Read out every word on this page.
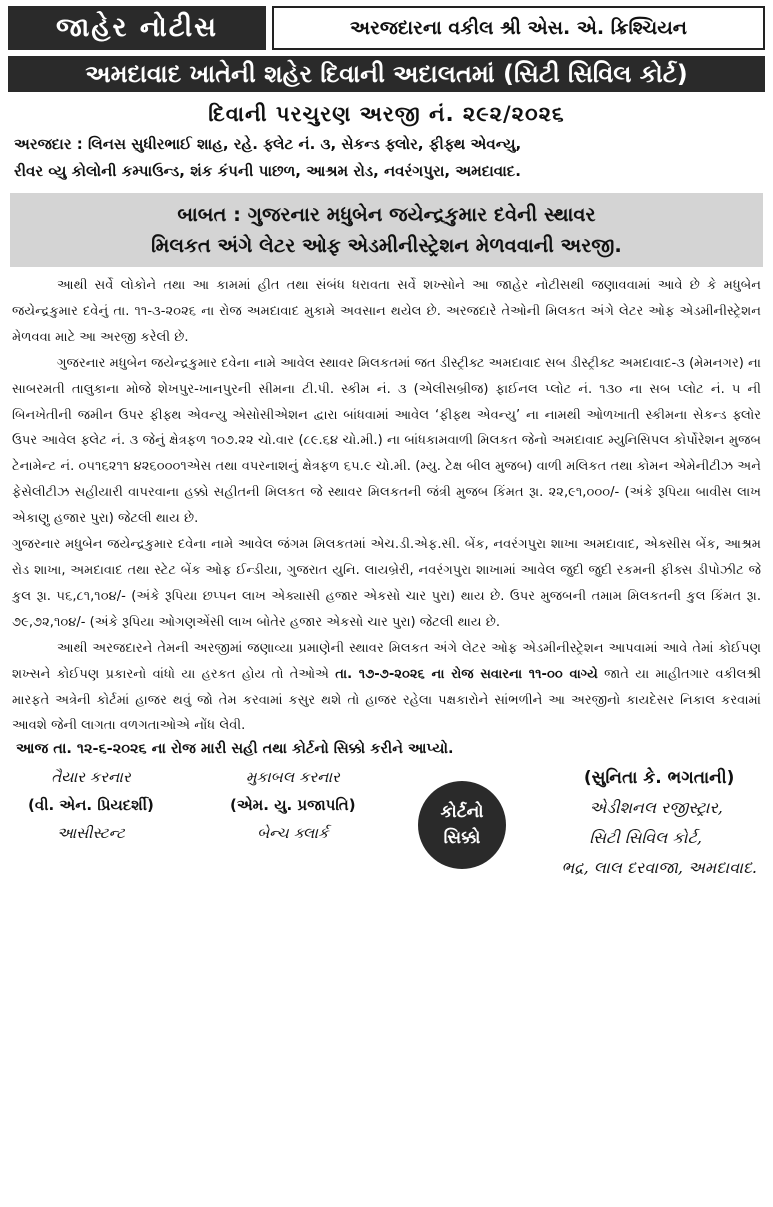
જાહેર નોટીસ	અરજદારના વકીલ શ્રી એસ. એ. ક્રિશ્ચિયન
અમદાવાદ ખાતેની શહેર દિવાની અદાલતમાં (સિટી સિવિલ કોર્ટ)
દિવાની પરચુરણ અરજી નં. ૨૯૨/૨૦૨૬
અરજદાર : લિનસ સુધીરભાઈ શાહ, રહે. ફ્લેટ નં. ૩, સેકન્ડ ફ્લોર, ફીફ્થ એવન્યુ,
રીવર વ્યુ કોલોની કમ્પાઉન્ડ, શંક કંપની પાછળ, આશ્રમ રોડ, નવરંગપુરા, અમદાવાદ.
બાબત : ગુજરનાર મધુબેન જયેન્દ્રકુમાર દવેની સ્થાવર
મિલકત અંગે લેટર ઓફ એડમીનીસ્ટ્રેશન મેળવવાની અરજી.

આથી સર્વે લોકોને તથા આ કામમાં હીત તથા સંબંધ ધરાવતા સર્વે શખ્સોને આ જાહેર નોટીસથી જણાવવામાં આવે છે કે મધુબેન જયેન્દ્રકુમાર દવેનું તા. ૧૧-૩-૨૦૨૬ ના રોજ અમદાવાદ મુકામે અવસાન થયેલ છે. અરજદારે તેઓની મિલકત અંગે લેટર ઓફ એડમીનીસ્ટ્રેશન મેળવવા માટે આ અરજી કરેલી છે.

ગુજરનાર મધુબેન જયેન્દ્રકુમાર દવેના નામે આવેલ સ્થાવર મિલકતમાં જત ડીસ્ટ્રીક્ટ અમદાવાદ સબ ડીસ્ટ્રીક્ટ અમદાવાદ-૩ (મેમનગર) ના સાબરમતી તાલુકાના મોજે શેખપુર-ખાનપુરની સીમના ટી.પી. સ્કીમ નં. ૩ (એલીસબ્રીજ) ફાઈનલ પ્લોટ નં. ૧૩૦ ના સબ પ્લોટ નં. ૫ ની બિનખેતીની જમીન ઉપર ફીફ્થ એવન્યુ એસોસીએશન દ્વારા બાંધવામાં આવેલ ‘ફીફ્થ એવન્યુ’ ના નામથી ઓળખાતી સ્કીમના સેકન્ડ ફ્લોર ઉપર આવેલ ફ્લેટ નં. ૩ જેનું ક્ષેત્રફળ ૧૦૭.૨૨ ચો.વાર (૮૯.૬૪ ચો.મી.) ના બાંધકામવાળી મિલકત જેનો અમદાવાદ મ્યુનિસિપલ કોર્પોરેશન મુજબ ટેનામેન્ટ નં. ૦૫૧૬૨૧૧ ૪૨૬૦૦૦૧એસ તથા વપરનાશનું ક્ષેત્રફળ ૬૫.૯ ચો.મી. (મ્યુ. ટેક્ષ બીલ મુજબ) વાળી મલિકત તથા કોમન એમેનીટીઝ અને ફેસેલીટીઝ સહીયારી વાપરવાના હક્કો સહીતની મિલકત જે સ્થાવર મિલકતની જંત્રી મુજબ કિંમત રૂા. ૨૨,૯૧,૦૦૦/- (અંકે રૂપિયા બાવીસ લાખ એકાણુ હજાર પુરા) જેટલી થાય છે.

ગુજરનાર મધુબેન જયેન્દ્રકુમાર દવેના નામે આવેલ જંગમ મિલકતમાં એચ.ડી.એફ.સી. બેંક, નવરંગપુરા શાખા અમદાવાદ, એક્સીસ બેંક, આશ્રમ રોડ શાખા, અમદાવાદ તથા સ્ટેટ બેંક ઓફ ઈન્ડીયા, ગુજરાત યુનિ. લાયબ્રેરી, નવરંગપુરા શાખામાં આવેલ જુદી જુદી રકમની ફીક્સ ડીપોઝીટ જે કુલ રૂા. ૫૬,૮૧,૧૦૪/- (અંકે રૂપિયા છપ્પન લાખ એક્યાસી હજાર એકસો ચાર પુરા) થાય છે. ઉપર મુજબની તમામ મિલકતની કુલ કિંમત રૂા. ૭૯,૭૨,૧૦૪/- (અંકે રૂપિયા ઓગણએંસી લાખ બોતેર હજાર એકસો ચાર પુરા) જેટલી થાય છે.

આથી અરજદારને તેમની અરજીમાં જણાવ્યા પ્રમાણેની સ્થાવર મિલકત અંગે લેટર ઓફ એડમીનીસ્ટ્રેશન આપવામાં આવે તેમાં કોઈપણ શખ્સને કોઈપણ પ્રકારનો વાંધો યા હરકત હોય તો તેઓએ તા. ૧૭-૭-૨૦૨૬ ના રોજ સવારના ૧૧-૦૦ વાગ્યે જાતે યા માહીતગાર વકીલશ્રી મારફતે અત્રેની કોર્ટમાં હાજર થવું જો તેમ કરવામાં કસુર થશે તો હાજર રહેલા પક્ષકારોને સાંભળીને આ અરજીનો કાયદેસર નિકાલ કરવામાં આવશે જેની લાગતા વળગતાઓએ નોંધ લેવી.

આજ તા. ૧૨-૬-૨૦૨૬ ના રોજ મારી સહી તથા કોર્ટનો સિક્કો કરીને આપ્યો.
તૈયાર કરનાર
(વી. એન. પ્રિયદર્શી)
આસીસ્ટન્ટ
મુકાબલ કરનાર
(એમ. યુ. પ્રજાપતિ)
બેન્ચ ક્લાર્ક
કોર્ટનો
સિક્કો
(સુનિતા કે. ભગતાની)
એડીશનલ રજીસ્ટ્રાર,
સિટી સિવિલ કોર્ટ,
ભદ્ર, લાલ દરવાજા, અમદાવાદ.
